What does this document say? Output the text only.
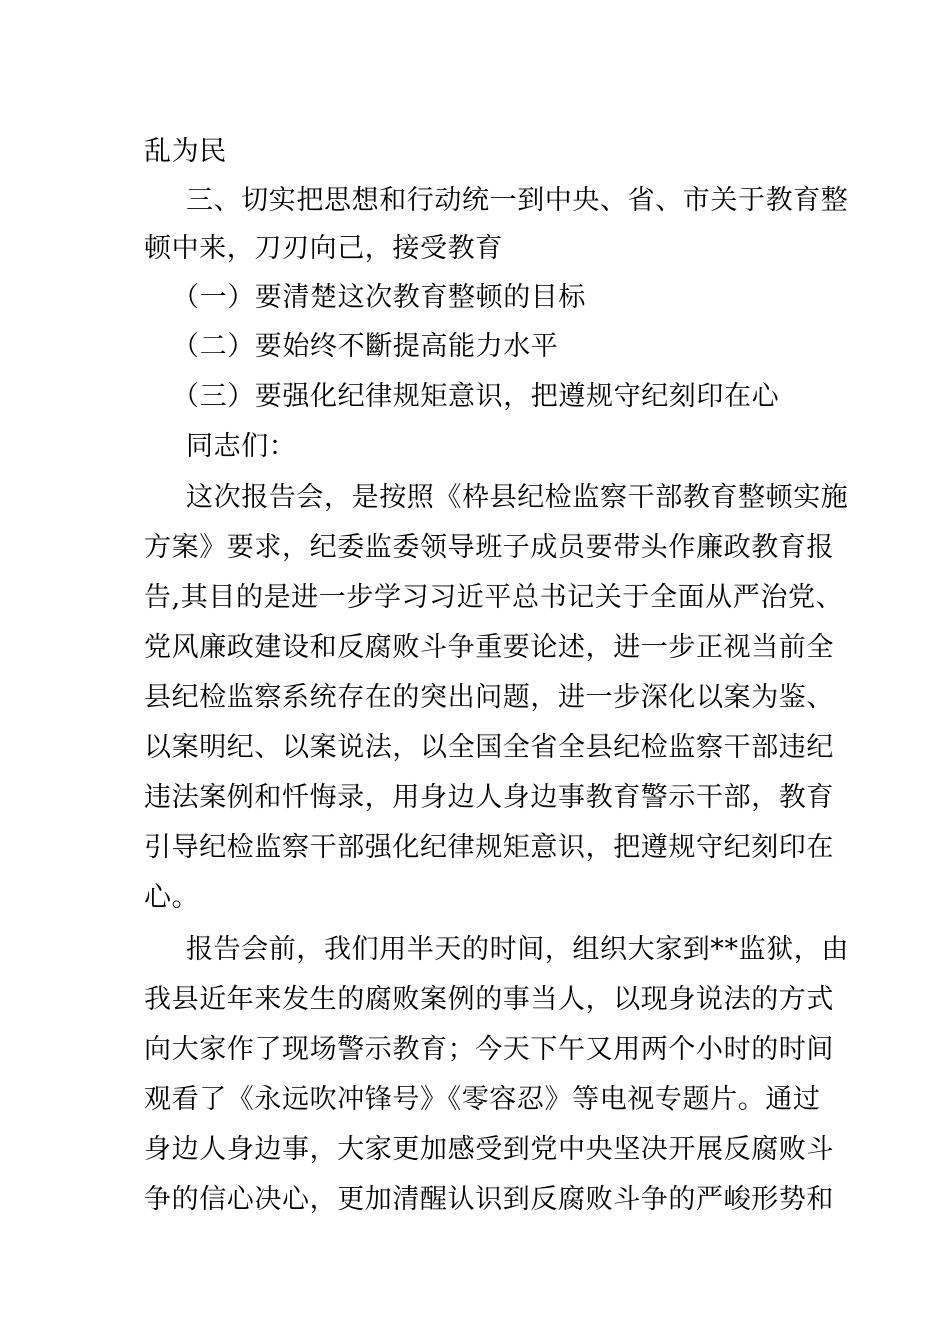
乱为民
三、切实把思想和行动统一到中央、省、市关于教育整
顿中来，刀刃向己，接受教育
（一）要清楚这次教育整顿的目标
（二）要始终不斷提高能力水平
（三）要强化纪律规矩意识，把遵规守纪刻印在心
同志们：
这次报告会，是按照《枠县纪检监察干部教育整顿实施
方案》要求，纪委监委领导班子成员要带头作廉政教育报
告,其目的是进一步学习习近平总书记关于全面从严治党、
党风廉政建设和反腐败斗争重要论述，进一步正视当前全
县纪检监察系统存在的突出问题，进一步深化以案为鉴、
以案明纪、以案说法，以全国全省全县纪检监察干部违纪
违法案例和忏悔录，用身边人身边事教育警示干部，教育
引导纪检监察干部强化纪律规矩意识，把遵规守纪刻印在
心。
报告会前，我们用半天的时间，组织大家到**监狱，由
我县近年来发生的腐败案例的事当人，以现身说法的方式
向大家作了现场警示教育；今天下午又用两个小时的时间
观看了《永远吹冲锋号》《零容忍》等电视专题片。通过
身边人身边事，大家更加感受到党中央坚决开展反腐败斗
争的信心决心，更加清醒认识到反腐败斗争的严峻形势和
